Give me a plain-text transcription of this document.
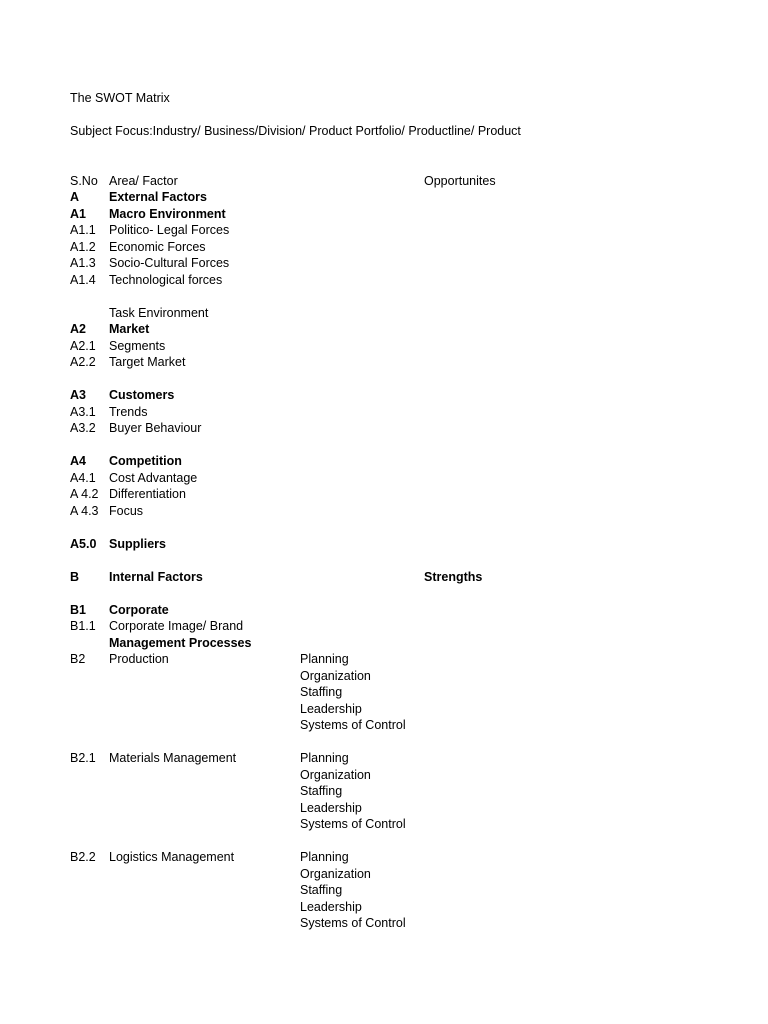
The SWOT Matrix
Subject Focus:Industry/ Business/Division/ Product Portfolio/ Productline/ Product
S.No Area/ Factor	Opportunites
A External Factors
A1 Macro Environment
A1.1 Politico- Legal Forces
A1.2 Economic Forces
A1.3 Socio-Cultural Forces
A1.4 Technological forces
Task Environment
A2 Market
A2.1 Segments
A2.2 Target Market
A3 Customers
A3.1 Trends
A3.2 Buyer Behaviour
A4 Competition
A4.1 Cost Advantage
A 4.2 Differentiation
A 4.3 Focus
A5.0 Suppliers
B Internal Factors	Strengths
B1 Corporate
B1.1 Corporate Image/ Brand
Management Processes
B2 Production	Planning
Organization
Staffing
Leadership
Systems of Control
B2.1 Materials Management	Planning
Organization
Staffing
Leadership
Systems of Control
B2.2 Logistics Management	Planning
Organization
Staffing
Leadership
Systems of Control
